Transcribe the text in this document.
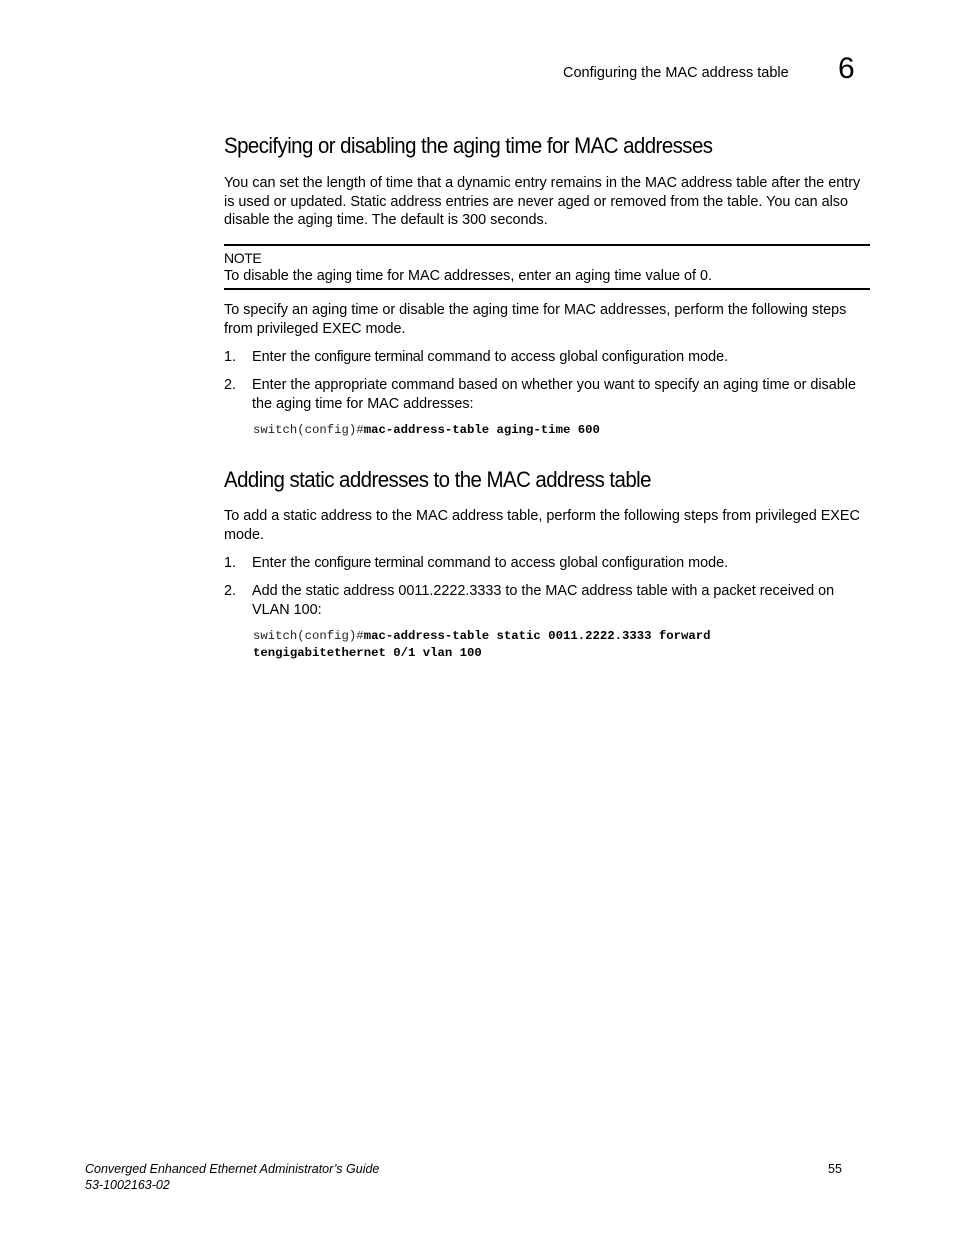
Configuring the MAC address table 6
Specifying or disabling the aging time for MAC addresses
You can set the length of time that a dynamic entry remains in the MAC address table after the entry is used or updated. Static address entries are never aged or removed from the table. You can also disable the aging time. The default is 300 seconds.
NOTE
To disable the aging time for MAC addresses, enter an aging time value of 0.
To specify an aging time or disable the aging time for MAC addresses, perform the following steps from privileged EXEC mode.
1. Enter the configure terminal command to access global configuration mode.
2. Enter the appropriate command based on whether you want to specify an aging time or disable the aging time for MAC addresses:
switch(config)#mac-address-table aging-time 600
Adding static addresses to the MAC address table
To add a static address to the MAC address table, perform the following steps from privileged EXEC mode.
1. Enter the configure terminal command to access global configuration mode.
2. Add the static address 0011.2222.3333 to the MAC address table with a packet received on VLAN 100:
switch(config)#mac-address-table static 0011.2222.3333 forward
tengigabitethernet 0/1 vlan 100
Converged Enhanced Ethernet Administrator’s Guide
53-1002163-02
55
